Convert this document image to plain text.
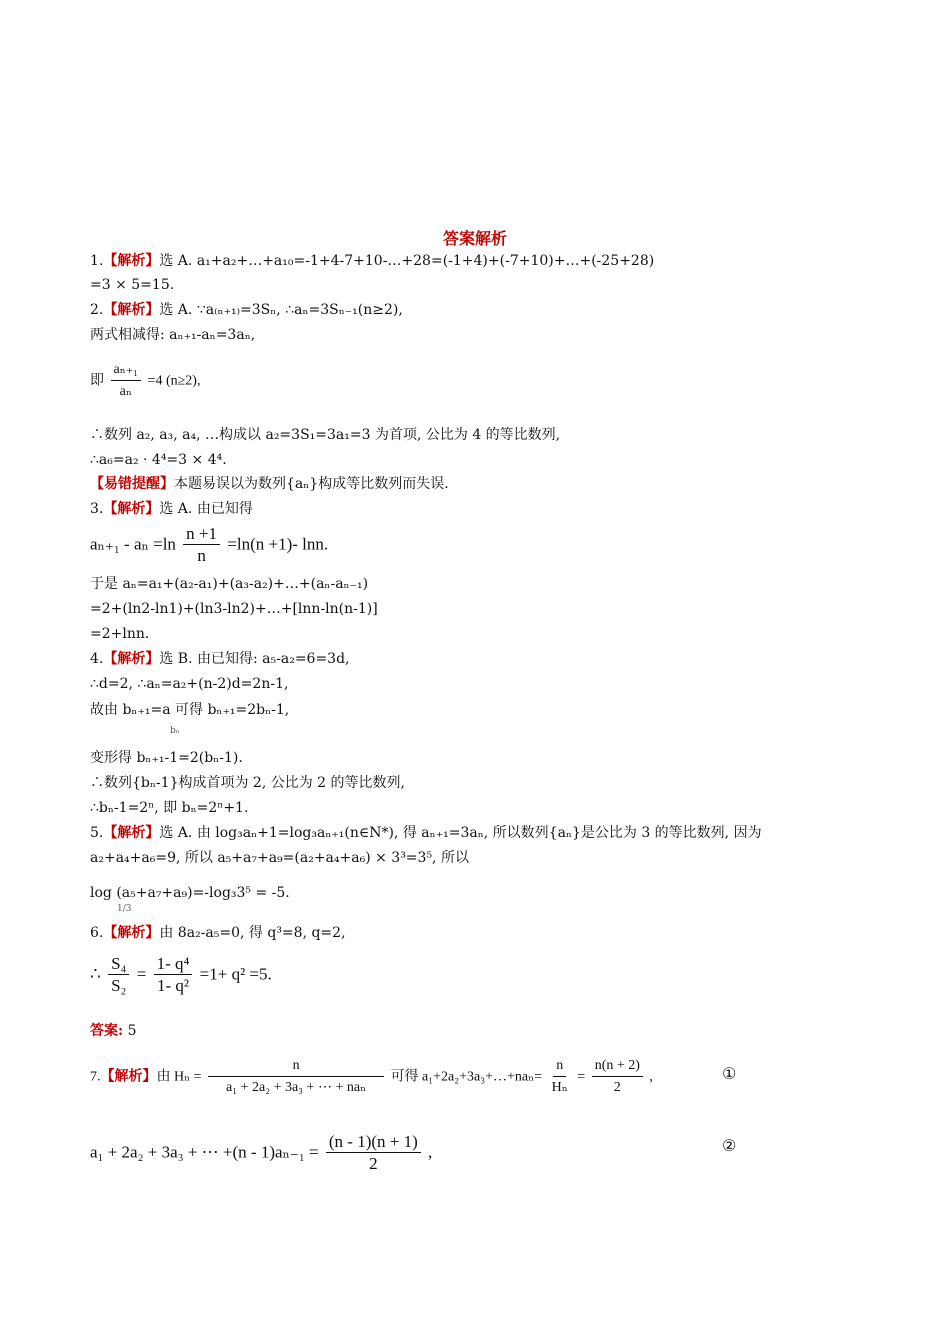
答案解析
1.【解析】选 A. a₁+a₂+…+a₁₀=-1+4-7+10-…+28=(-1+4)+(-7+10)+…+(-25+28)
=3 × 5=15.
2.【解析】选 A. ∵a₍ₙ₊₁₎=3Sₙ, ∴aₙ=3Sₙ₋₁(n≥2),
两式相减得: aₙ₊₁-aₙ=3aₙ,
即 $\frac{\text{aₙ₊₁}}{\text{aₙ}} =4$ (n≥2),
∴数列 a₂, a₃, a₄, …构成以 a₂=3S₁=3a₁=3 为首项, 公比为 4 的等比数列,
∴a₆=a₂ · 4⁴=3 × 4⁴.
【易错提醒】本题易误以为数列{aₙ}构成等比数列而失误.
3.【解析】选 A. 由已知得
$a_{n+1} - a_n =\ln \frac{n +1}{n} =\ln(n +1)-$ lnn.
于是 aₙ=a₁+(a₂-a₁)+(a₃-a₂)+…+(aₙ-aₙ₋₁)
=2+(ln2-ln1)+(ln3-ln2)+…+[lnn-ln(n-1)]
=2+lnn.
4.【解析】选 B. 由已知得: a₅-a₂=6=3d,
∴d=2, ∴aₙ=a₂+(n-2)d=2n-1,
故由 bₙ₊₁=a 可得 bₙ₊₁=2bₙ-1,
bₙ
变形得 bₙ₊₁-1=2(bₙ-1).
∴数列{bₙ-1}构成首项为 2, 公比为 2 的等比数列,
∴bₙ-1=2ⁿ, 即 bₙ=2ⁿ+1.
5.【解析】选 A. 由 log₃aₙ+1=log₃aₙ₊₁(n∈N*), 得 aₙ₊₁=3aₙ, 所以数列{aₙ}是公比为 3 的等比数列, 因为
a₂+a₄+a₆=9, 所以 a₅+a₇+a₉=(a₂+a₄+a₆) × 3³=3⁵, 所以
log (a₅+a₇+a₉)=-log₃3⁵ = -5.
1/3
6.【解析】由 8a₂-a₅=0, 得 q³=8, q=2,
∴ $\frac{\text{S₄}}{\text{S₂}} = \frac{\text{1- q⁴}}{\text{1- q²}} =1+ q^2 =5$.
答案: 5
7.【解析】由 $H_n = \frac{n}{\text{a₁ + 2a₂ + 3a₃ + ⋯ + naₙ}}$ 可得 a₁+2a₂+3a₃+…+naₙ= $\frac{n}{\text{Hₙ}} = \frac{n(n + 2)}{2}$ ,	①
a₁ + 2a₂ + 3a₃ + ⋯ $+(n - 1)a_{n-1} = \frac{(n - 1)(n + 1)}{2}$ ,	②
